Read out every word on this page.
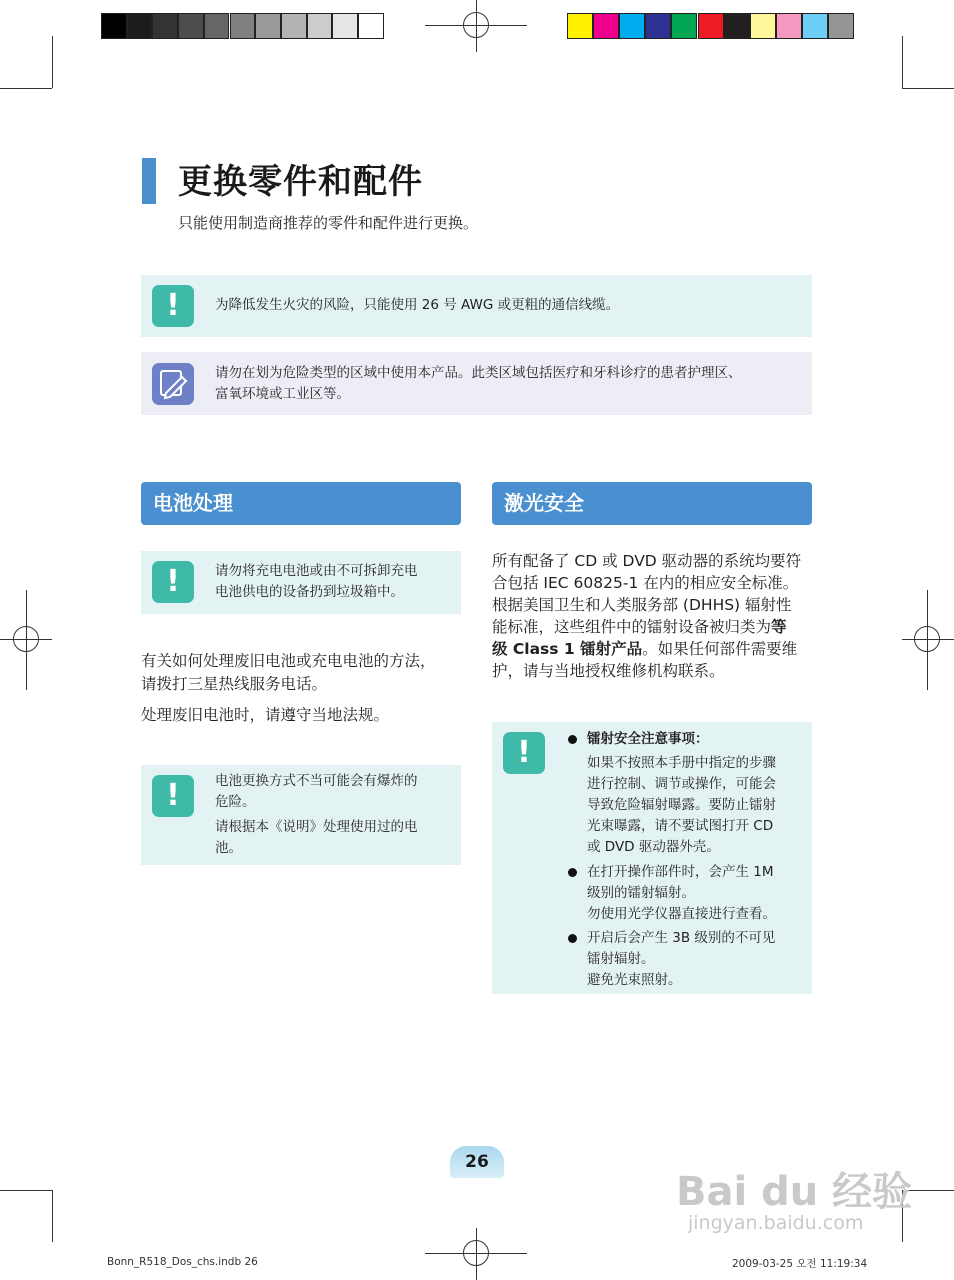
更换零件和配件
只能使用制造商推荐的零件和配件进行更换。
!	为降低发生火灾的风险，只能使用 26 号 AWG 或更粗的通信线缆。
请勿在划为危险类型的区域中使用本产品。此类区域包括医疗和牙科诊疗的患者护理区、
富氧环境或工业区等。
电池处理
!	请勿将充电电池或由不可拆卸充电
电池供电的设备扔到垃圾箱中。
有关如何处理废旧电池或充电电池的方法，
请拨打三星热线服务电话。
处理废旧电池时，请遵守当地法规。
!	电池更换方式不当可能会有爆炸的
危险。
请根据本《说明》处理使用过的电
池。
激光安全
所有配备了 CD 或 DVD 驱动器的系统均要符
合包括 IEC 60825-1 在内的相应安全标准。
根据美国卫生和人类服务部 (DHHS) 辐射性
能标准，这些组件中的镭射设备被归类为等
级 Class 1 镭射产品。如果任何部件需要维
护，请与当地授权维修机构联系。
!	镭射安全注意事项：
如果不按照本手册中指定的步骤
进行控制、调节或操作，可能会
导致危险辐射曝露。要防止镭射
光束曝露，请不要试图打开 CD
或 DVD 驱动器外壳。
在打开操作部件时，会产生 1M
级别的镭射辐射。
勿使用光学仪器直接进行查看。
开启后会产生 3B 级别的不可见
镭射辐射。
避免光束照射。
26
Bonn_R518_Dos_chs.indb 26	2009-03-25 오전 11:19:34
Bai du 经验
jingyan.baidu.com
